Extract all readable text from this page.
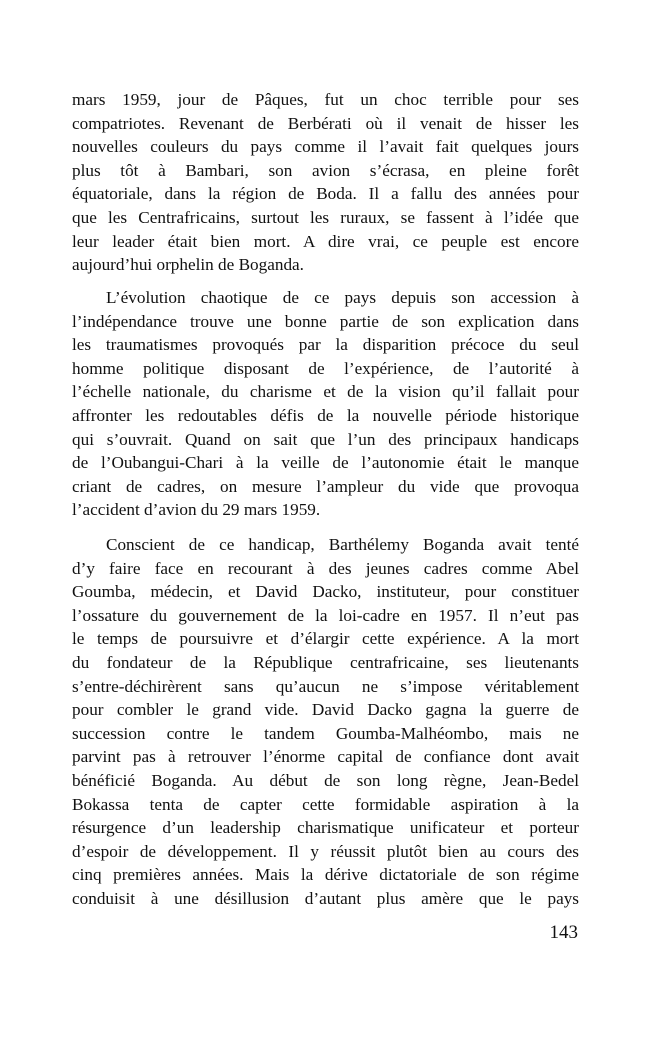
mars 1959, jour de Pâques, fut un choc terrible pour ses
compatriotes. Revenant de Berbérati où il venait de hisser les
nouvelles couleurs du pays comme il l’avait fait quelques jours
plus tôt à Bambari, son avion s’écrasa, en pleine forêt
équatoriale, dans la région de Boda. Il a fallu des années pour
que les Centrafricains, surtout les ruraux, se fassent à l’idée que
leur leader était bien mort. A dire vrai, ce peuple est encore
aujourd’hui orphelin de Boganda.
L’évolution chaotique de ce pays depuis son accession à
l’indépendance trouve une bonne partie de son explication dans
les traumatismes provoqués par la disparition précoce du seul
homme politique disposant de l’expérience, de l’autorité à
l’échelle nationale, du charisme et de la vision qu’il fallait pour
affronter les redoutables défis de la nouvelle période historique
qui s’ouvrait. Quand on sait que l’un des principaux handicaps
de l’Oubangui-Chari à la veille de l’autonomie était le manque
criant de cadres, on mesure l’ampleur du vide que provoqua
l’accident d’avion du 29 mars 1959.
Conscient de ce handicap, Barthélemy Boganda avait tenté
d’y faire face en recourant à des jeunes cadres comme Abel
Goumba, médecin, et David Dacko, instituteur, pour constituer
l’ossature du gouvernement de la loi-cadre en 1957. Il n’eut pas
le temps de poursuivre et d’élargir cette expérience. A la mort
du fondateur de la République centrafricaine, ses lieutenants
s’entre-déchirèrent sans qu’aucun ne s’impose véritablement
pour combler le grand vide. David Dacko gagna la guerre de
succession contre le tandem Goumba-Malhéombo, mais ne
parvint pas à retrouver l’énorme capital de confiance dont avait
bénéficié Boganda. Au début de son long règne, Jean-Bedel
Bokassa tenta de capter cette formidable aspiration à la
résurgence d’un leadership charismatique unificateur et porteur
d’espoir de développement. Il y réussit plutôt bien au cours des
cinq premières années. Mais la dérive dictatoriale de son régime
conduisit à une désillusion d’autant plus amère que le pays
143
